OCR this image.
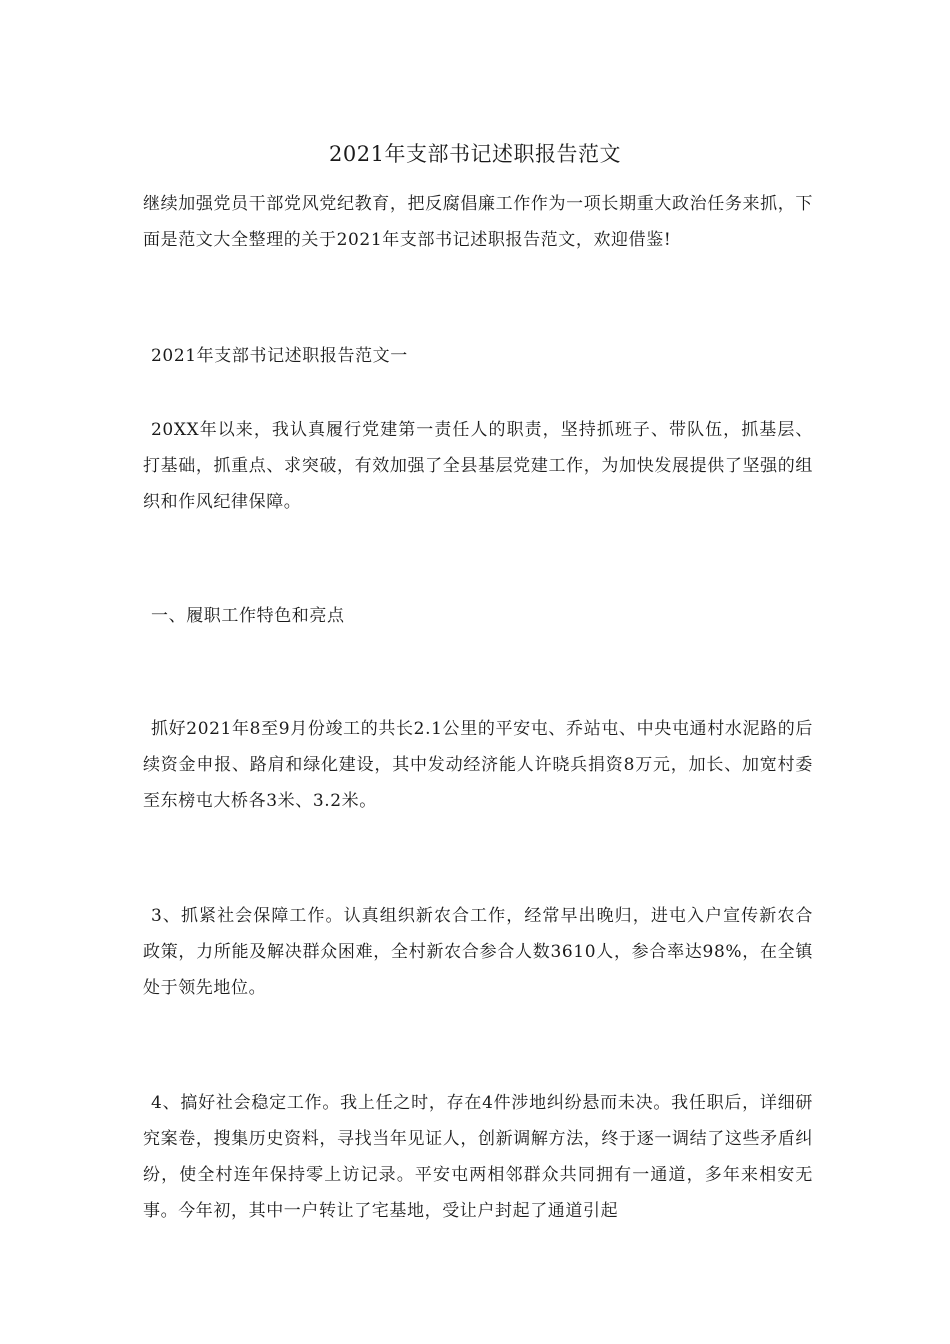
2021年支部书记述职报告范文
继续加强党员干部党风党纪教育，把反腐倡廉工作作为一项长期重大政治任务来抓，下面是范文大全整理的关于2021年支部书记述职报告范文，欢迎借鉴!
2021年支部书记述职报告范文一
20XX年以来，我认真履行党建第一责任人的职责，坚持抓班子、带队伍，抓基层、打基础，抓重点、求突破，有效加强了全县基层党建工作，为加快发展提供了坚强的组织和作风纪律保障。
一、履职工作特色和亮点
抓好2021年8至9月份竣工的共长2.1公里的平安屯、乔站屯、中央屯通村水泥路的后续资金申报、路肩和绿化建设，其中发动经济能人许晓兵捐资8万元，加长、加宽村委至东榜屯大桥各3米、3.2米。
3、抓紧社会保障工作。认真组织新农合工作，经常早出晚归，进屯入户宣传新农合政策，力所能及解决群众困难，全村新农合参合人数3610人，参合率达98%，在全镇处于领先地位。
4、搞好社会稳定工作。我上任之时，存在4件涉地纠纷悬而未决。我任职后，详细研究案卷，搜集历史资料，寻找当年见证人，创新调解方法，终于逐一调结了这些矛盾纠纷，使全村连年保持零上访记录。平安屯两相邻群众共同拥有一通道，多年来相安无事。今年初，其中一户转让了宅基地，受让户封起了通道引起
